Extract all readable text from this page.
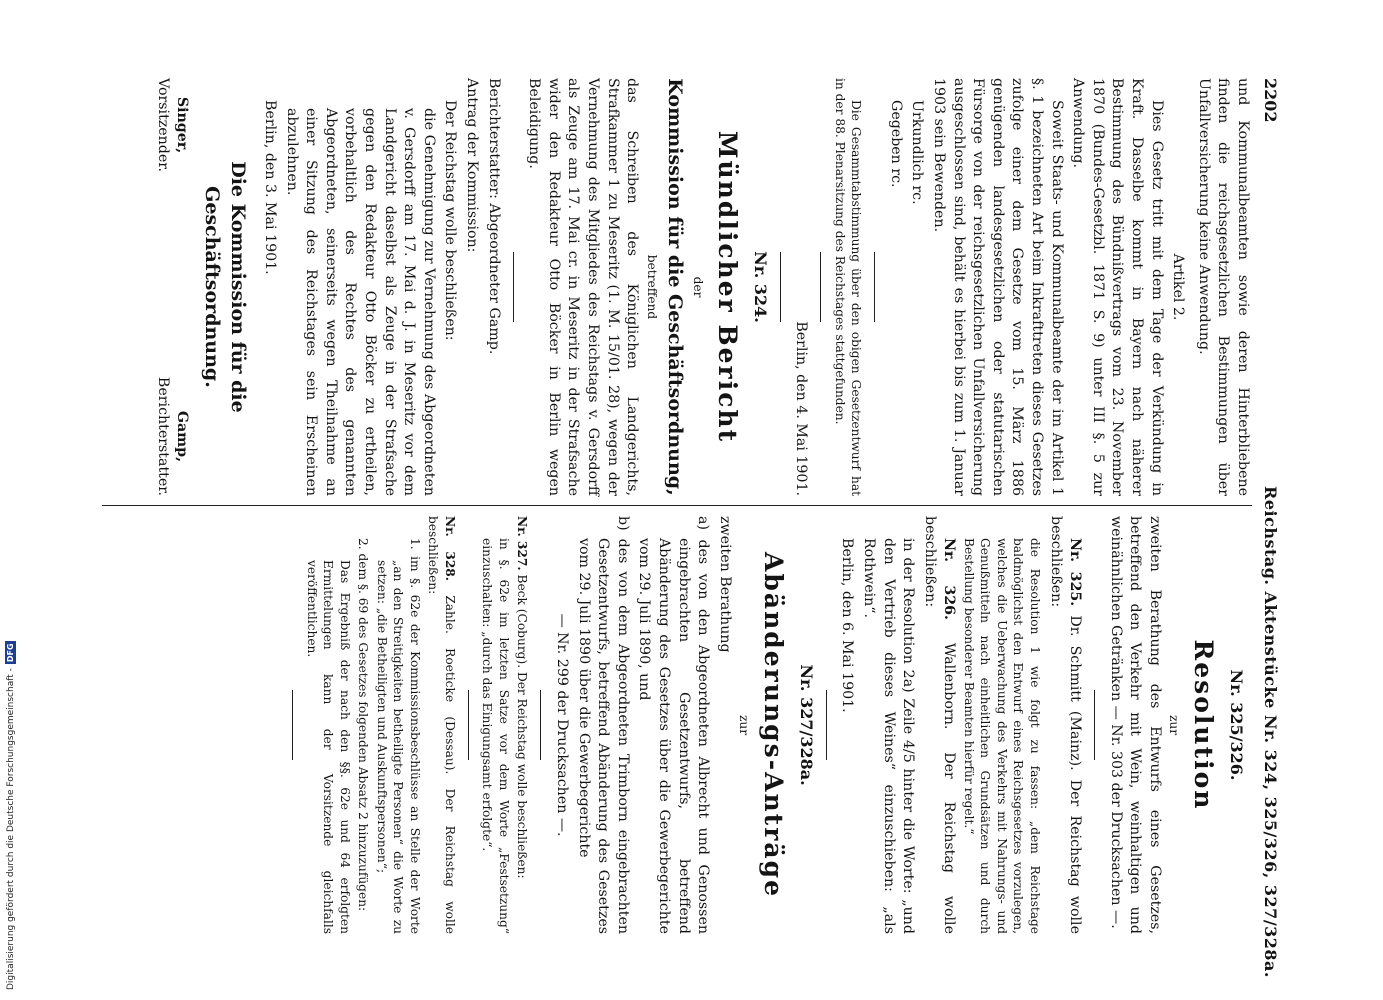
2202
Reichstag. Aktenstücke Nr. 324, 325/326, 327/328a.

und Kommunalbeamten sowie deren Hinterbliebene finden die reichsgesetzlichen Bestimmungen über Unfallversicherung keine Anwendung.

Artikel 2.

Dies Gesetz tritt mit dem Tage der Verkündung in Kraft. Dasselbe kommt in Bayern nach näherer Bestimmung des Bündnißvertrags vom 23. November 1870 (Bundes-Gesetzbl. 1871 S. 9) unter III §. 5 zur Anwendung.

Soweit Staats- und Kommunalbeamte der im Artikel 1 §. 1 bezeichneten Art beim Inkrafttreten dieses Gesetzes zufolge einer dem Gesetze vom 15. März 1886 genügenden landesgesetzlichen oder statutarischen Fürsorge von der reichsgesetzlichen Unfallversicherung ausgeschlossen sind, behält es hierbei bis zum 1. Januar 1903 sein Bewenden.

Urkundlich rc.

Gegeben rc.

Die Gesammtabstimmung über den obigen Gesetzentwurf hat in der 88. Plenarsitzung des Reichstages stattgefunden.

Berlin, den 4. Mai 1901.

Nr. 324.

Mündlicher Bericht

der

Kommission für die Geschäftsordnung,

betreffend

das Schreiben des Königlichen Landgerichts, Strafkammer 1 zu Meseritz (1. M. 15/01. 28), wegen der Vernehmung des Mitgliedes des Reichstags v. Gersdorff als Zeuge am 17. Mai cr. in Meseritz in der Strafsache wider den Redakteur Otto Böcker in Berlin wegen Beleidigung.

Berichterstatter: Abgeordneter Gamp.

Antrag der Kommission:

Der Reichstag wolle beschließen:

die Genehmigung zur Vernehmung des Abgeordneten v. Gersdorff am 17. Mai d. J. in Meseritz vor dem Landgericht daselbst als Zeuge in der Strafsache gegen den Redakteur Otto Böcker zu ertheilen, vorbehaltlich des Rechtes des genannten Abgeordneten, seinerseits wegen Theilnahme an einer Sitzung des Reichstages sein Erscheinen abzulehnen.

Berlin, den 3. Mai 1901.

Die Kommission für die Geschäftsordnung.

Singer,
Vorsitzender.
Gamp,
Berichterstatter.

Nr. 325/326.

Resolution

zur

zweiten Berathung des Entwurfs eines Gesetzes, betreffend den Verkehr mit Wein, weinhaltigen und weinähnlichen Getränken — Nr. 303 der Drucksachen —.

Nr. 325. Dr. Schmitt (Mainz). Der Reichstag wolle beschließen:

die Resolution 1 wie folgt zu fassen: „dem Reichstage baldmöglichst den Entwurf eines Reichsgesetzes vorzulegen, welches die Ueberwachung des Verkehrs mit Nahrungs- und Genußmitteln nach einheitlichen Grundsätzen und durch Bestellung besonderer Beamten hierfür regelt.“

Nr. 326. Wallenborn. Der Reichstag wolle beschließen:

in der Resolution 2a) Zeile 4/5 hinter die Worte: „und den Vertrieb dieses Weines“ einzuschieben: „als Rothwein“.

Berlin, den 6. Mai 1901.

Nr. 327/328a.

Abänderungs-Anträge

zur

zweiten Berathung

a) des von den Abgeordneten Albrecht und Genossen eingebrachten Gesetzentwurfs, betreffend Abänderung des Gesetzes über die Gewerbegerichte vom 29. Juli 1890, und

b) des von dem Abgeordneten Trimborn eingebrachten Gesetzentwurfs, betreffend Abänderung des Gesetzes vom 29. Juli 1890 über die Gewerbegerichte

— Nr. 299 der Drucksachen —.

Nr. 327. Beck (Coburg). Der Reichstag wolle beschließen:

in §. 62e im letzten Satze vor dem Worte „Festsetzung“ einzuschalten: „durch das Einigungsamt erfolgte“.

Nr. 328. Zahle. Roeticke (Dessau). Der Reichstag wolle beschließen:

1. im §. 62e der Kommissionsbeschlüsse an Stelle der Worte „an den Streitigkeiten betheiligte Personen“ die Worte zu setzen: „die Betheiligten und Auskunftspersonen“;

2. dem §. 69 des Gesetzes folgenden Absatz 2 hinzuzufügen:

Das Ergebniß der nach den §§. 62e und 64 erfolgten Ermittelungen kann der Vorsitzende gleichfalls veröffentlichen.

Digitalisierung gefördert durch die Deutsche Forschungsgemeinschaft -DFG
